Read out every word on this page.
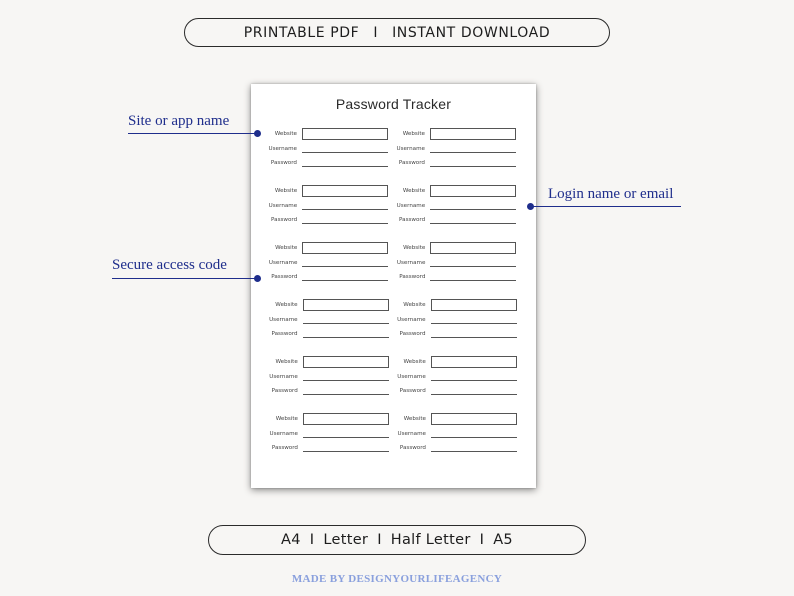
PRINTABLE PDF I INSTANT DOWNLOAD
Password Tracker
Website
Username
Password
Website
Username
Password
Website
Username
Password
Website
Username
Password
Website
Username
Password
Website
Username
Password
Website
Username
Password
Website
Username
Password
Website
Username
Password
Website
Username
Password
Website
Username
Password
Website
Username
Password
Site or app name
Login name or email
Secure access code
A4 I Letter I Half Letter I A5
MADE BY DESIGNYOURLIFEAGENCY
